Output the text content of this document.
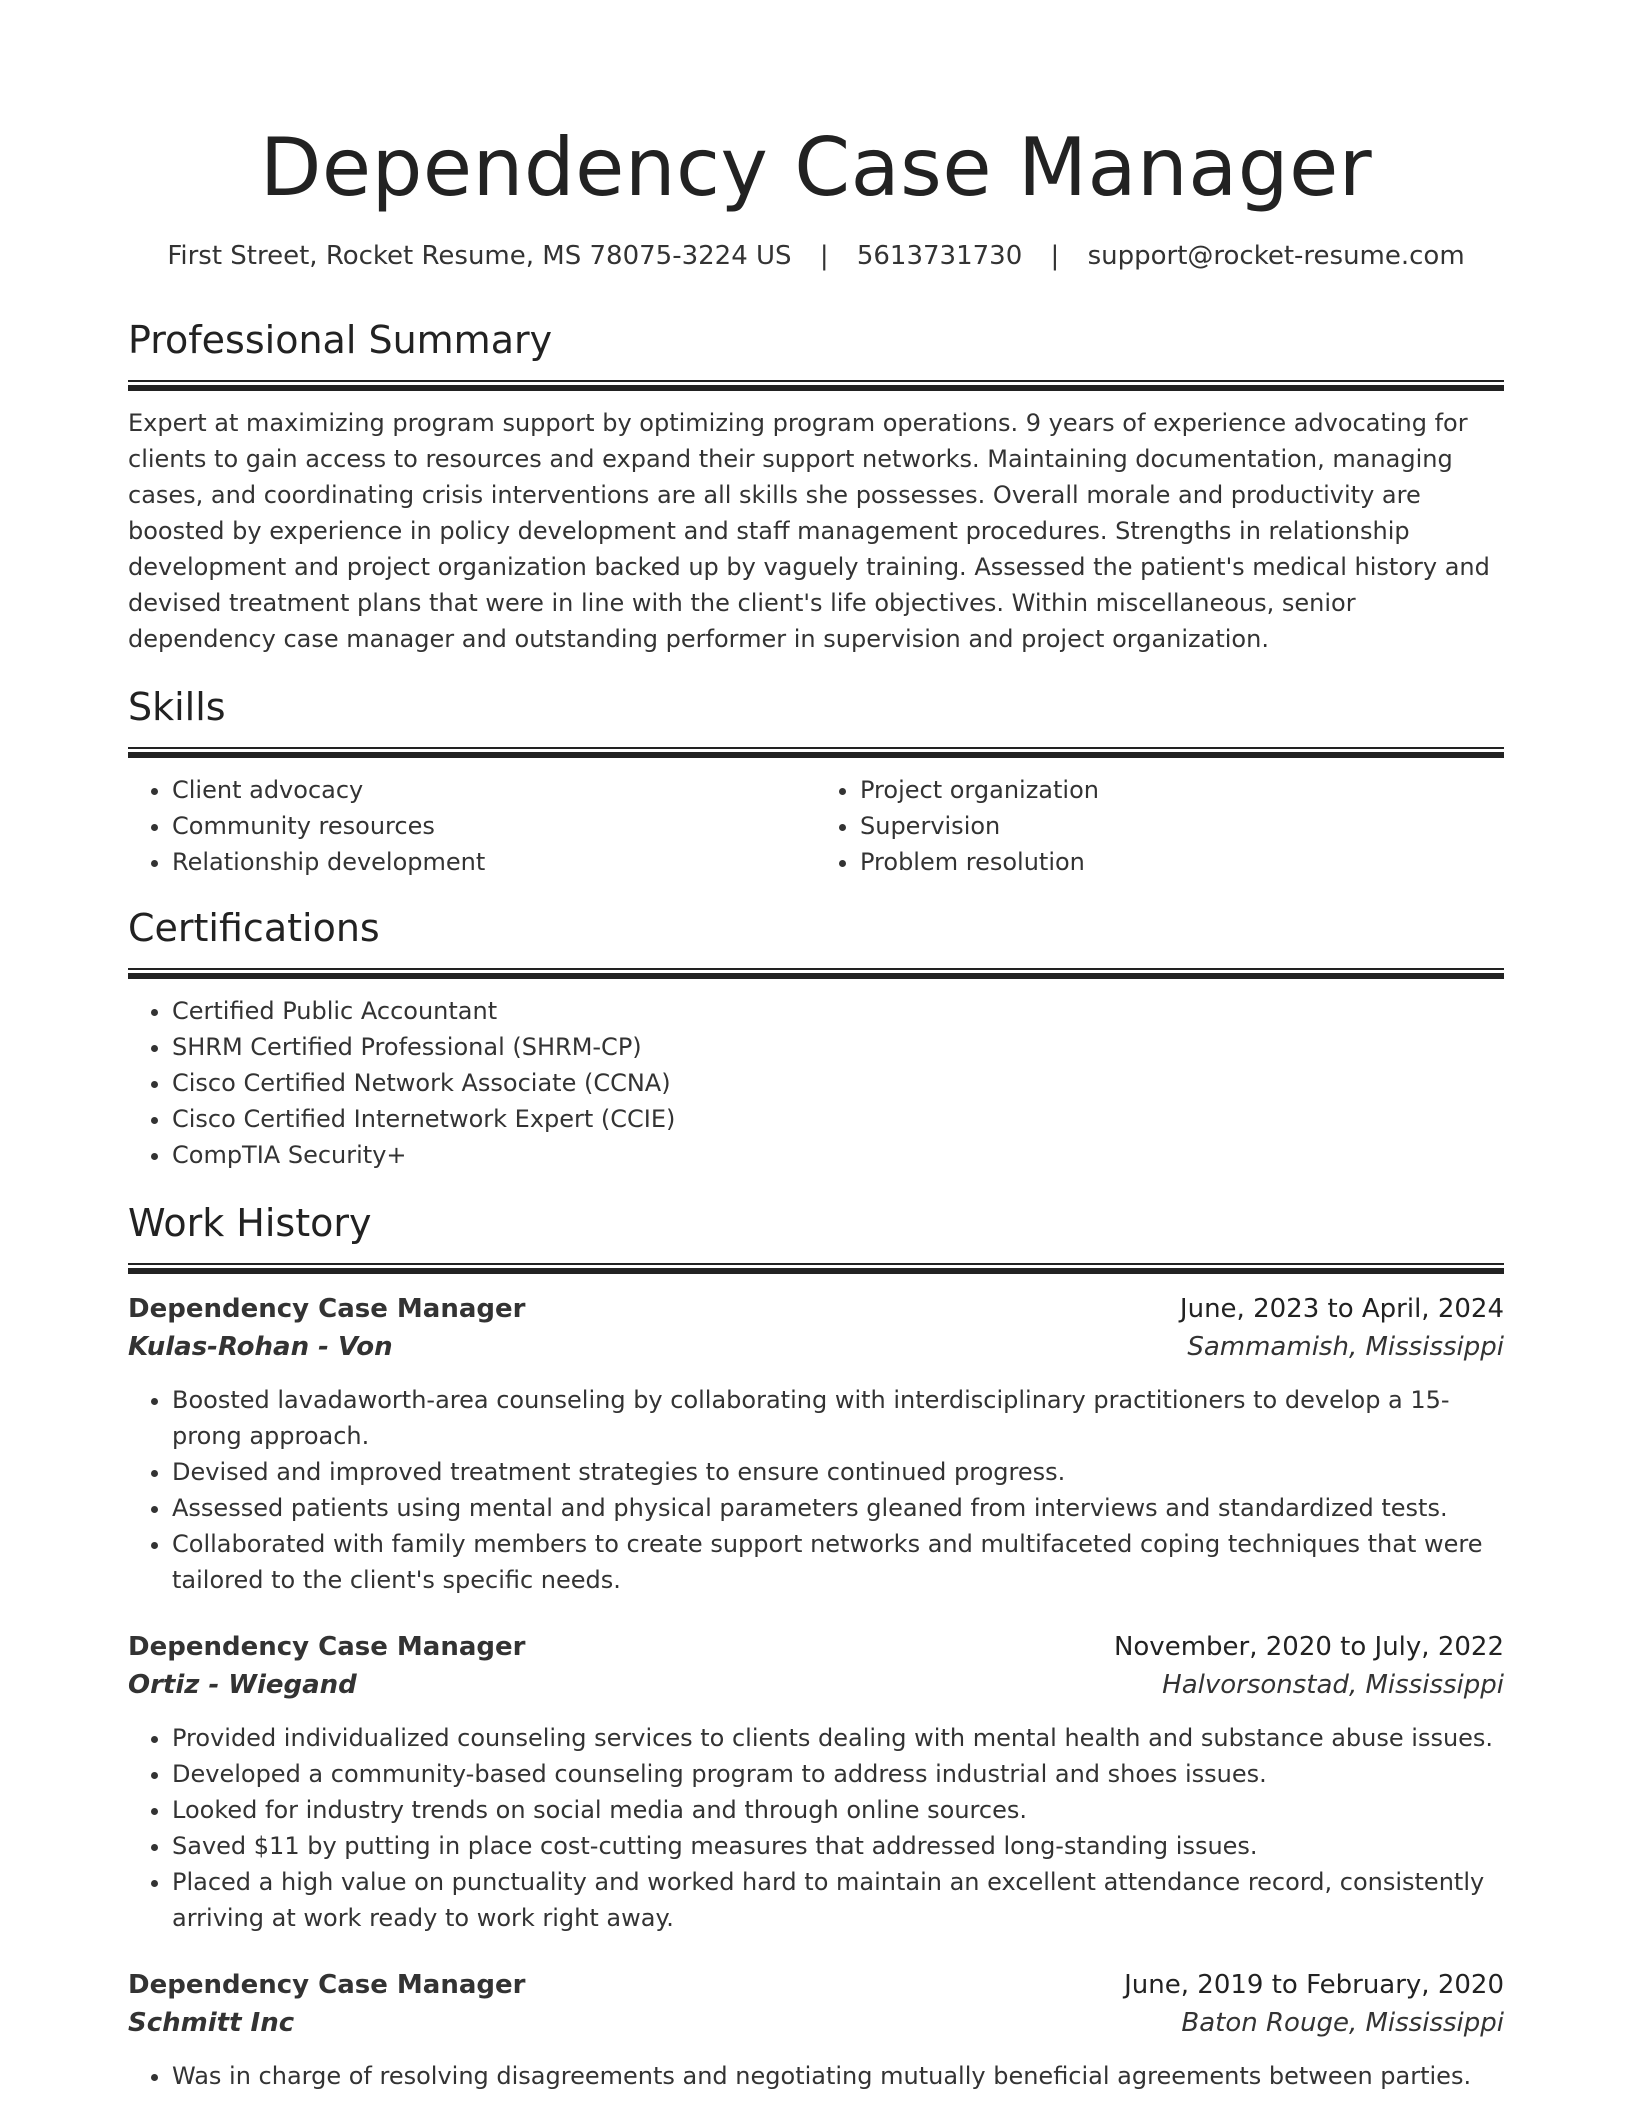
Dependency Case Manager
First Street, Rocket Resume, MS 78075-3224 US | 5613731730 | support@rocket-resume.com
Professional Summary

Expert at maximizing program support by optimizing program operations. 9 years of experience advocating for clients to gain access to resources and expand their support networks. Maintaining documentation, managing cases, and coordinating crisis interventions are all skills she possesses. Overall morale and productivity are boosted by experience in policy development and staff management procedures. Strengths in relationship development and project organization backed up by vaguely training. Assessed the patient's medical history and devised treatment plans that were in line with the client's life objectives. Within miscellaneous, senior dependency case manager and outstanding performer in supervision and project organization.

Skills
• Client advocacy
• Community resources
• Relationship development
• Project organization
• Supervision
• Problem resolution
Certifications
• Certified Public Accountant
• SHRM Certified Professional (SHRM-CP)
• Cisco Certified Network Associate (CCNA)
• Cisco Certified Internetwork Expert (CCIE)
• CompTIA Security+
Work History
Dependency Case Manager	June, 2023 to April, 2024
Kulas-Rohan - Von	Sammamish, Mississippi
• Boosted lavadaworth-area counseling by collaborating with interdisciplinary practitioners to develop a 15-prong approach.
• Devised and improved treatment strategies to ensure continued progress.
• Assessed patients using mental and physical parameters gleaned from interviews and standardized tests.
• Collaborated with family members to create support networks and multifaceted coping techniques that were tailored to the client's specific needs.
Dependency Case Manager	November, 2020 to July, 2022
Ortiz - Wiegand	Halvorsonstad, Mississippi
• Provided individualized counseling services to clients dealing with mental health and substance abuse issues.
• Developed a community-based counseling program to address industrial and shoes issues.
• Looked for industry trends on social media and through online sources.
• Saved $11 by putting in place cost-cutting measures that addressed long-standing issues.
• Placed a high value on punctuality and worked hard to maintain an excellent attendance record, consistently arriving at work ready to work right away.
Dependency Case Manager	June, 2019 to February, 2020
Schmitt Inc	Baton Rouge, Mississippi
• Was in charge of resolving disagreements and negotiating mutually beneficial agreements between parties.
